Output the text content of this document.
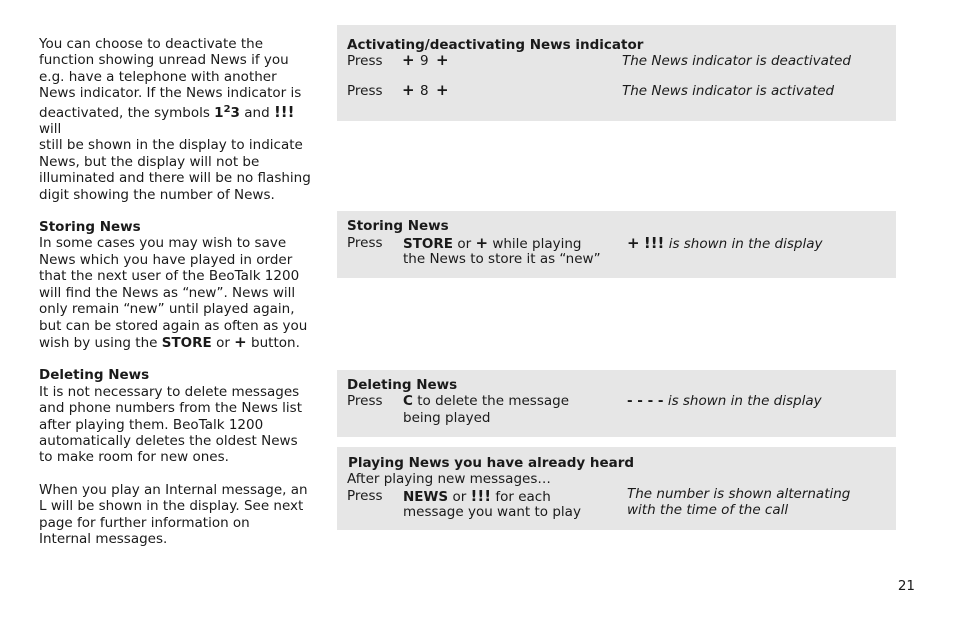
You can choose to deactivate the
function showing unread News if you
e.g. have a telephone with another
News indicator. If the News indicator is
deactivated, the symbols $1^23$ and !!! will
still be shown in the display to indicate
News, but the display will not be
illuminated and there will be no flashing
digit showing the number of News.

Storing News
In some cases you may wish to save
News which you have played in order
that the next user of the BeoTalk 1200
will find the News as “new”. News will
only remain “new” until played again,
but can be stored again as often as you
wish by using the STORE or + button.

Deleting News
It is not necessary to delete messages
and phone numbers from the News list
after playing them. BeoTalk 1200
automatically deletes the oldest News
to make room for new ones.

When you play an Internal message, an
L will be shown in the display. See next
page for further information on
Internal messages.

Activating/deactivating News indicator
Press + 9 +	The News indicator is deactivated
Press + 8 +	The News indicator is activated
Storing News
Press STORE or + while playing
the News to store it as “new”
+ !!! is shown in the display
Deleting News
Press C to delete the message
being played
- - - - is shown in the display
Playing News you have already heard
After playing new messages…
Press NEWS or !!! for each
message you want to play
The number is shown alternating
with the time of the call
21
